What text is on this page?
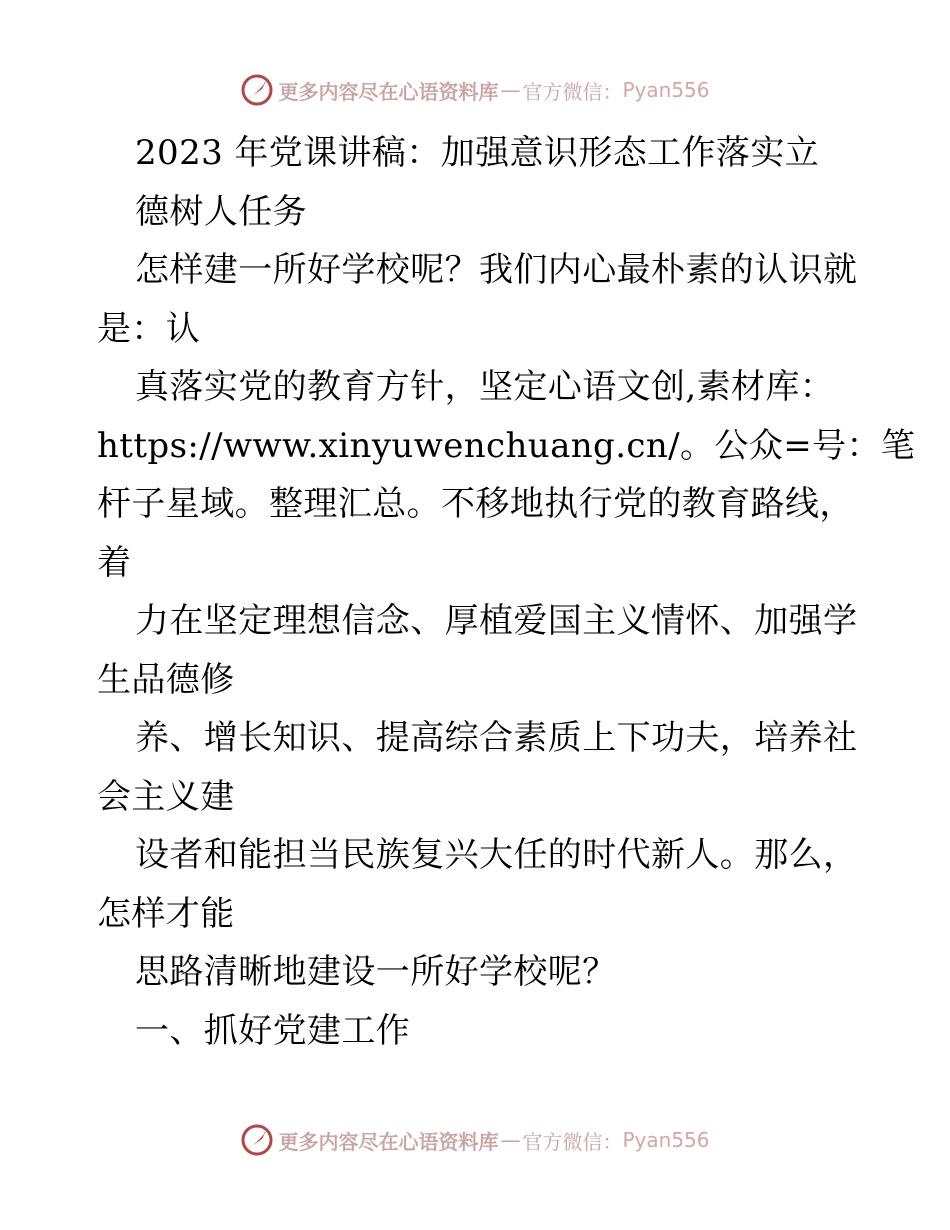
更多内容尽在心语资料库 — 官方微信： Pyan556
2023 年党课讲稿：加强意识形态工作落实立
德树人任务
怎样建一所好学校呢？我们内心最朴素的认识就
是：认
真落实党的教育方针，坚定心语文创,素材库：
https://www.xinyuwenchuang.cn/。公众=号：笔
杆子星域。整理汇总。不移地执行党的教育路线，
着
力在坚定理想信念、厚植爱国主义情怀、加强学
生品德修
养、增长知识、提高综合素质上下功夫，培养社
会主义建
设者和能担当民族复兴大任的时代新人。那么，
怎样才能
思路清晰地建设一所好学校呢？
一、抓好党建工作
更多内容尽在心语资料库 — 官方微信： Pyan556
